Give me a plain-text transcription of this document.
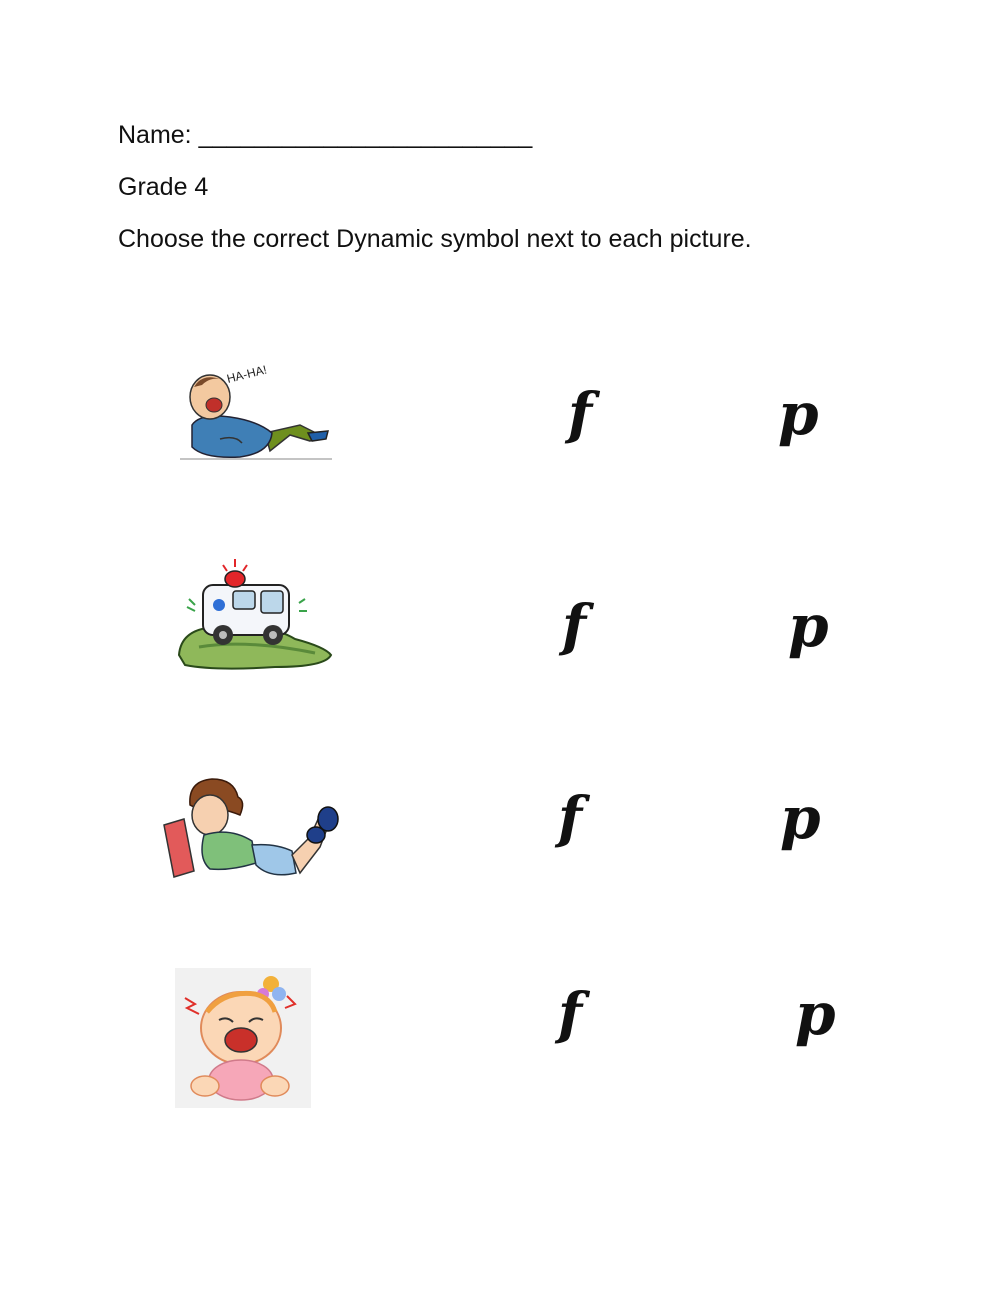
Name: ________________________
Grade 4
Choose the correct Dynamic symbol next to each picture.
HA-HA!
f	p
f	p
f	p
f	p
